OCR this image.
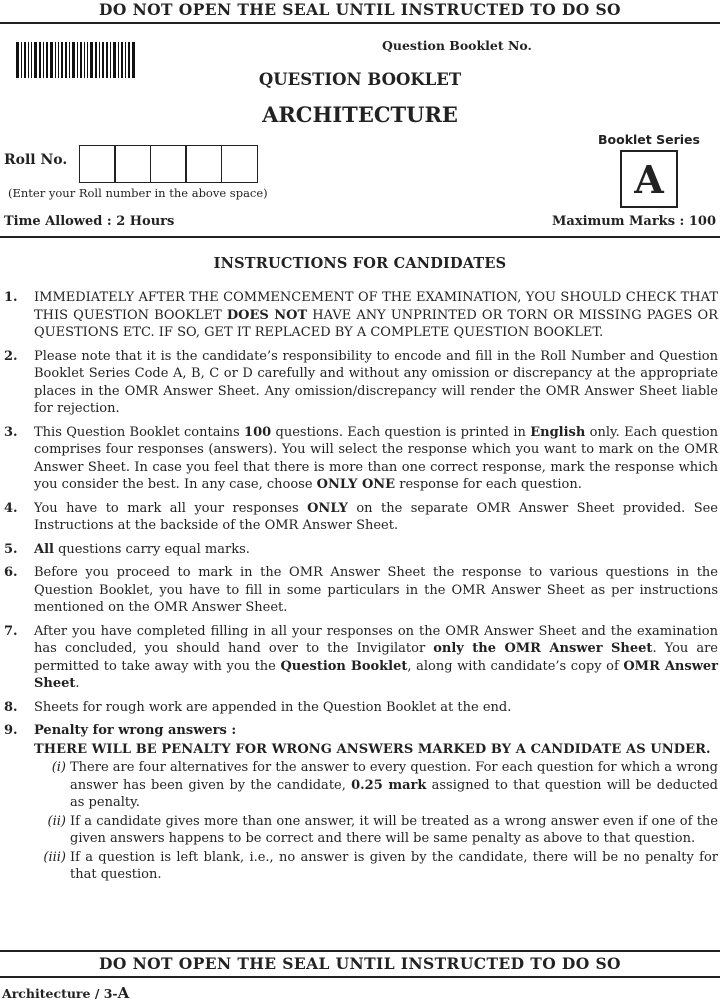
DO NOT OPEN THE SEAL UNTIL INSTRUCTED TO DO SO
Question Booklet No.
QUESTION BOOKLET
ARCHITECTURE
Booklet Series
A
Roll No.
(Enter your Roll number in the above space)
Time Allowed : 2 Hours	Maximum Marks : 100
INSTRUCTIONS FOR CANDIDATES
1.	IMMEDIATELY AFTER THE COMMENCEMENT OF THE EXAMINATION, YOU SHOULD CHECK THAT THIS QUESTION BOOKLET DOES NOT HAVE ANY UNPRINTED OR TORN OR MISSING PAGES OR QUESTIONS ETC. IF SO, GET IT REPLACED BY A COMPLETE QUESTION BOOKLET.
2.	Please note that it is the candidate’s responsibility to encode and fill in the Roll Number and Question Booklet Series Code A, B, C or D carefully and without any omission or discrepancy at the appropriate places in the OMR Answer Sheet. Any omission/discrepancy will render the OMR Answer Sheet liable for rejection.
3.	This Question Booklet contains 100 questions. Each question is printed in English only. Each question comprises four responses (answers). You will select the response which you want to mark on the OMR Answer Sheet. In case you feel that there is more than one correct response, mark the response which you consider the best. In any case, choose ONLY ONE response for each question.
4.	You have to mark all your responses ONLY on the separate OMR Answer Sheet provided. See Instructions at the backside of the OMR Answer Sheet.
5.	All questions carry equal marks.
6.	Before you proceed to mark in the OMR Answer Sheet the response to various questions in the Question Booklet, you have to fill in some particulars in the OMR Answer Sheet as per instructions mentioned on the OMR Answer Sheet.
7.	After you have completed filling in all your responses on the OMR Answer Sheet and the examination has concluded, you should hand over to the Invigilator only the OMR Answer Sheet. You are permitted to take away with you the Question Booklet, along with candidate’s copy of OMR Answer Sheet.
8.	Sheets for rough work are appended in the Question Booklet at the end.
9.	Penalty for wrong answers :
THERE WILL BE PENALTY FOR WRONG ANSWERS MARKED BY A CANDIDATE AS UNDER.
(i) There are four alternatives for the answer to every question. For each question for which a wrong answer has been given by the candidate, 0.25 mark assigned to that question will be deducted as penalty.
(ii) If a candidate gives more than one answer, it will be treated as a wrong answer even if one of the given answers happens to be correct and there will be same penalty as above to that question.
(iii) If a question is left blank, i.e., no answer is given by the candidate, there will be no penalty for that question.
DO NOT OPEN THE SEAL UNTIL INSTRUCTED TO DO SO
Architecture / 3-A
